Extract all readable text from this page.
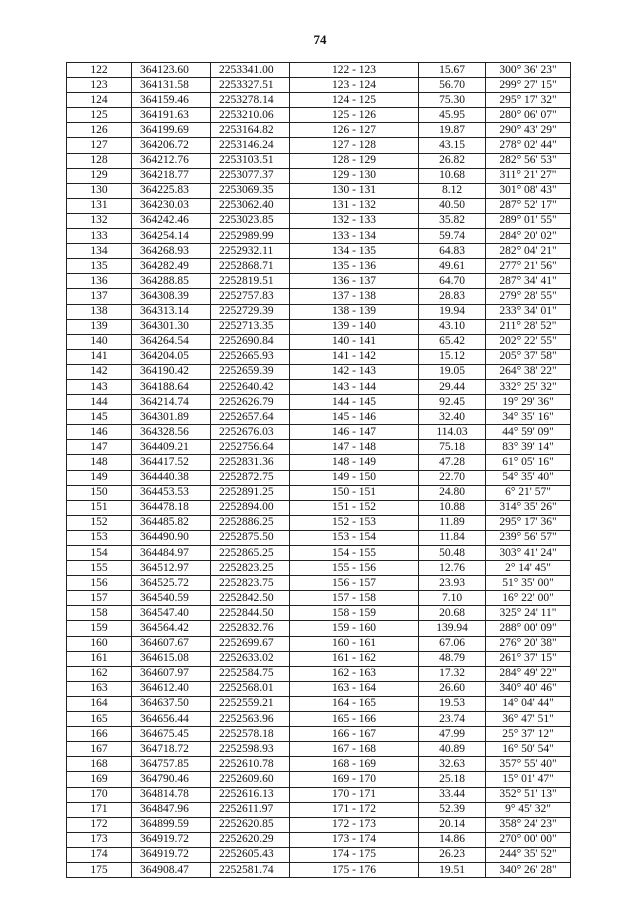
74
122	364123.60	2253341.00	122 - 123	15.67	300° 36' 23"
123	364131.58	2253327.51	123 - 124	56.70	299° 27' 15"
124	364159.46	2253278.14	124 - 125	75.30	295° 17' 32"
125	364191.63	2253210.06	125 - 126	45.95	280° 06' 07"
126	364199.69	2253164.82	126 - 127	19.87	290° 43' 29"
127	364206.72	2253146.24	127 - 128	43.15	278° 02' 44"
128	364212.76	2253103.51	128 - 129	26.82	282° 56' 53"
129	364218.77	2253077.37	129 - 130	10.68	311° 21' 27"
130	364225.83	2253069.35	130 - 131	8.12	301° 08' 43"
131	364230.03	2253062.40	131 - 132	40.50	287° 52' 17"
132	364242.46	2253023.85	132 - 133	35.82	289° 01' 55"
133	364254.14	2252989.99	133 - 134	59.74	284° 20' 02"
134	364268.93	2252932.11	134 - 135	64.83	282° 04' 21"
135	364282.49	2252868.71	135 - 136	49.61	277° 21' 56"
136	364288.85	2252819.51	136 - 137	64.70	287° 34' 41"
137	364308.39	2252757.83	137 - 138	28.83	279° 28' 55"
138	364313.14	2252729.39	138 - 139	19.94	233° 34' 01"
139	364301.30	2252713.35	139 - 140	43.10	211° 28' 52"
140	364264.54	2252690.84	140 - 141	65.42	202° 22' 55"
141	364204.05	2252665.93	141 - 142	15.12	205° 37' 58"
142	364190.42	2252659.39	142 - 143	19.05	264° 38' 22"
143	364188.64	2252640.42	143 - 144	29.44	332° 25' 32"
144	364214.74	2252626.79	144 - 145	92.45	19° 29' 36"
145	364301.89	2252657.64	145 - 146	32.40	34° 35' 16"
146	364328.56	2252676.03	146 - 147	114.03	44° 59' 09"
147	364409.21	2252756.64	147 - 148	75.18	83° 39' 14"
148	364417.52	2252831.36	148 - 149	47.28	61° 05' 16"
149	364440.38	2252872.75	149 - 150	22.70	54° 35' 40"
150	364453.53	2252891.25	150 - 151	24.80	6° 21' 57"
151	364478.18	2252894.00	151 - 152	10.88	314° 35' 26"
152	364485.82	2252886.25	152 - 153	11.89	295° 17' 36"
153	364490.90	2252875.50	153 - 154	11.84	239° 56' 57"
154	364484.97	2252865.25	154 - 155	50.48	303° 41' 24"
155	364512.97	2252823.25	155 - 156	12.76	2° 14' 45"
156	364525.72	2252823.75	156 - 157	23.93	51° 35' 00"
157	364540.59	2252842.50	157 - 158	7.10	16° 22' 00"
158	364547.40	2252844.50	158 - 159	20.68	325° 24' 11"
159	364564.42	2252832.76	159 - 160	139.94	288° 00' 09"
160	364607.67	2252699.67	160 - 161	67.06	276° 20' 38"
161	364615.08	2252633.02	161 - 162	48.79	261° 37' 15"
162	364607.97	2252584.75	162 - 163	17.32	284° 49' 22"
163	364612.40	2252568.01	163 - 164	26.60	340° 40' 46"
164	364637.50	2252559.21	164 - 165	19.53	14° 04' 44"
165	364656.44	2252563.96	165 - 166	23.74	36° 47' 51"
166	364675.45	2252578.18	166 - 167	47.99	25° 37' 12"
167	364718.72	2252598.93	167 - 168	40.89	16° 50' 54"
168	364757.85	2252610.78	168 - 169	32.63	357° 55' 40"
169	364790.46	2252609.60	169 - 170	25.18	15° 01' 47"
170	364814.78	2252616.13	170 - 171	33.44	352° 51' 13"
171	364847.96	2252611.97	171 - 172	52.39	9° 45' 32"
172	364899.59	2252620.85	172 - 173	20.14	358° 24' 23"
173	364919.72	2252620.29	173 - 174	14.86	270° 00' 00"
174	364919.72	2252605.43	174 - 175	26.23	244° 35' 52"
175	364908.47	2252581.74	175 - 176	19.51	340° 26' 28"
